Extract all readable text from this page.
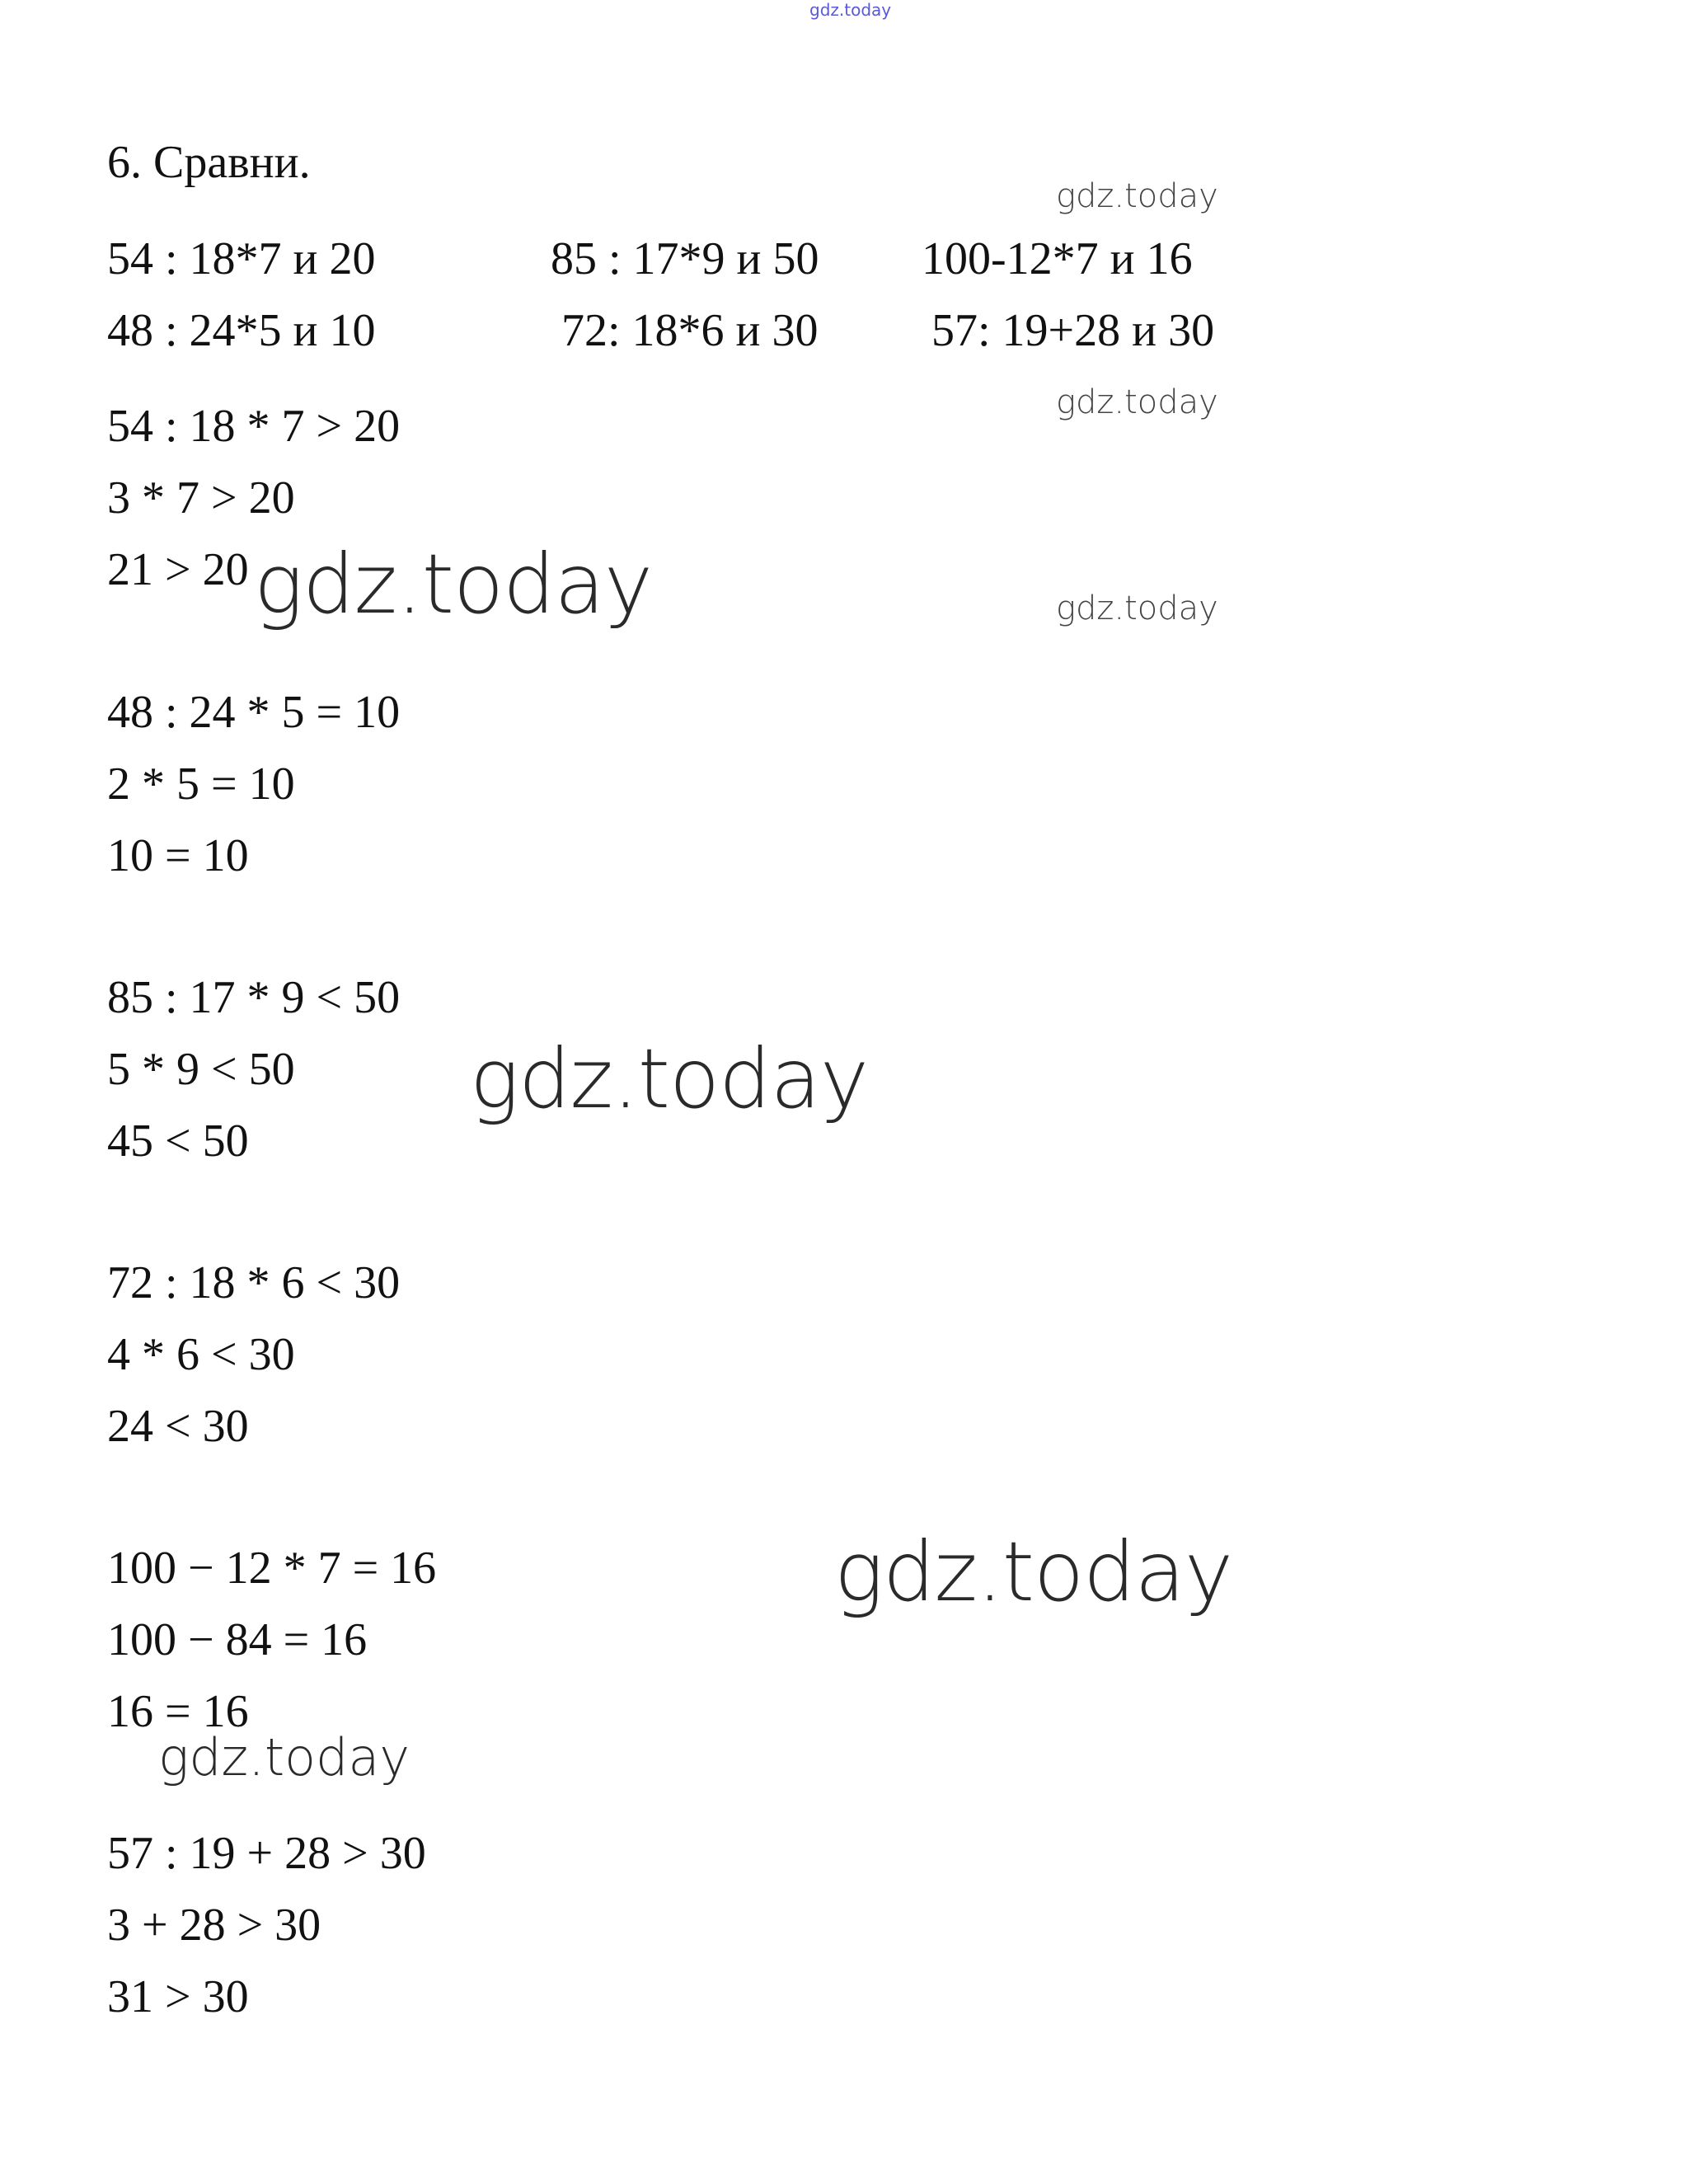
gdz.today
6. Сравни.
54 : 18*7 и 20	85 : 17*9 и 50 100-12*7 и 16
48 : 24*5 и 10	72: 18*6 и 30 57: 19+28 и 30
54 : 18 * 7 > 20
3 * 7 > 20
21 > 20
48 : 24 * 5 = 10
2 * 5 = 10
10 = 10
85 : 17 * 9 < 50
5 * 9 < 50
45 < 50
72 : 18 * 6 < 30
4 * 6 < 30
24 < 30
100 − 12 * 7 = 16
100 − 84 = 16
16 = 16
57 : 19 + 28 > 30
3 + 28 > 30
31 > 30
gdz.today
gdz.today
gdz.today
gdz.today
gdz.today
gdz.today
gdz.today
